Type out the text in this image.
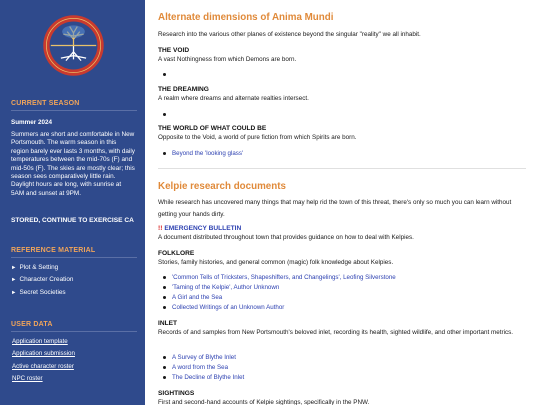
CURRENT SEASON
Summer 2024
Summers are short and comfortable in New Portsmouth. The warm season in this region barely ever lasts 3 months, with daily temperatures between the mid-70s (F) and mid-50s (F). The skies are mostly clear; this season sees comparatively little rain. Daylight hours are long, with sunrise at 5AM and sunset at 9PM.
STORED, CONTINUE TO EXERCISE CA
REFERENCE MATERIAL
► Plot & Setting
► Character Creation
► Secret Societies
USER DATA
Application template
Application submission
Active character roster
NPC roster
Alternate dimensions of Anima Mundi
Research into the various other planes of existence beyond the singular "reality" we all inhabit.
THE VOID
A vast Nothingness from which Demons are born.
THE DREAMING
A realm where dreams and alternate realties intersect.
THE WORLD OF WHAT COULD BE
Opposite to the Void, a world of pure fiction from which Spirits are born.
Beyond the 'looking glass'
Kelpie research documents
While research has uncovered many things that may help rid the town of this threat, there's only so much you can learn without getting your hands dirty.
!! EMERGENCY BULLETIN
A document distributed throughout town that provides guidance on how to deal with Kelpies.
FOLKLORE
Stories, family histories, and general common (magic) folk knowledge about Kelpies.
'Common Tells of Tricksters, Shapeshifters, and Changelings', Leofing Silverstone
'Taming of the Kelpie', Author Unknown
A Girl and the Sea
Collected Writings of an Unknown Author
INLET
Records of and samples from New Portsmouth's beloved inlet, recording its health, sighted wildlife, and other important metrics.
A Survey of Blythe Inlet
A word from the Sea
The Decline of Blythe Inlet
SIGHTINGS
First and second-hand accounts of Kelpie sightings, specifically in the PNW.
